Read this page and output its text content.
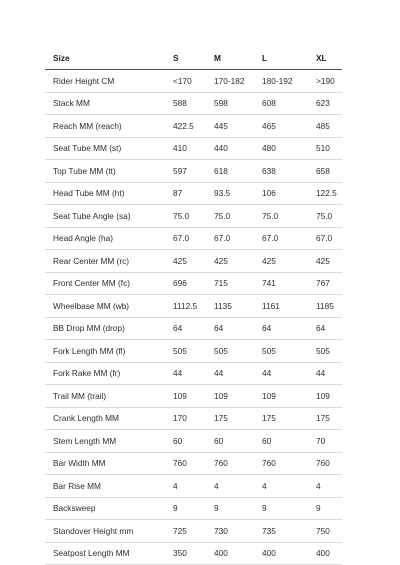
Size	S	M	L	XL
Rider Height CM	<170	170-182	180-192	>190
Stack MM	588	598	608	623
Reach MM (reach)	422.5	445	465	485
Seat Tube MM (st)	410	440	480	510
Top Tube MM (tt)	597	618	638	658
Head Tube MM (ht)	87	93.5	106	122.5
Seat Tube Angle (sa)	75.0	75.0	75.0	75.0
Head Angle (ha)	67.0	67.0	67.0	67.0
Rear Center MM (rc)	425	425	425	425
Front Center MM (fc)	696	715	741	767
Wheelbase MM (wb)	1112.5	1135	1161	1185
BB Drop MM (drop)	64	64	64	64
Fork Length MM (fl)	505	505	505	505
Fork Rake MM (fr)	44	44	44	44
Trail MM (trail)	109	109	109	109
Crank Length MM	170	175	175	175
Stem Length MM	60	60	60	70
Bar Width MM	760	760	760	760
Bar Rise MM	4	4	4	4
Backsweep	9	9	9	9
Standover Height mm	725	730	735	750
Seatpost Length MM	350	400	400	400
